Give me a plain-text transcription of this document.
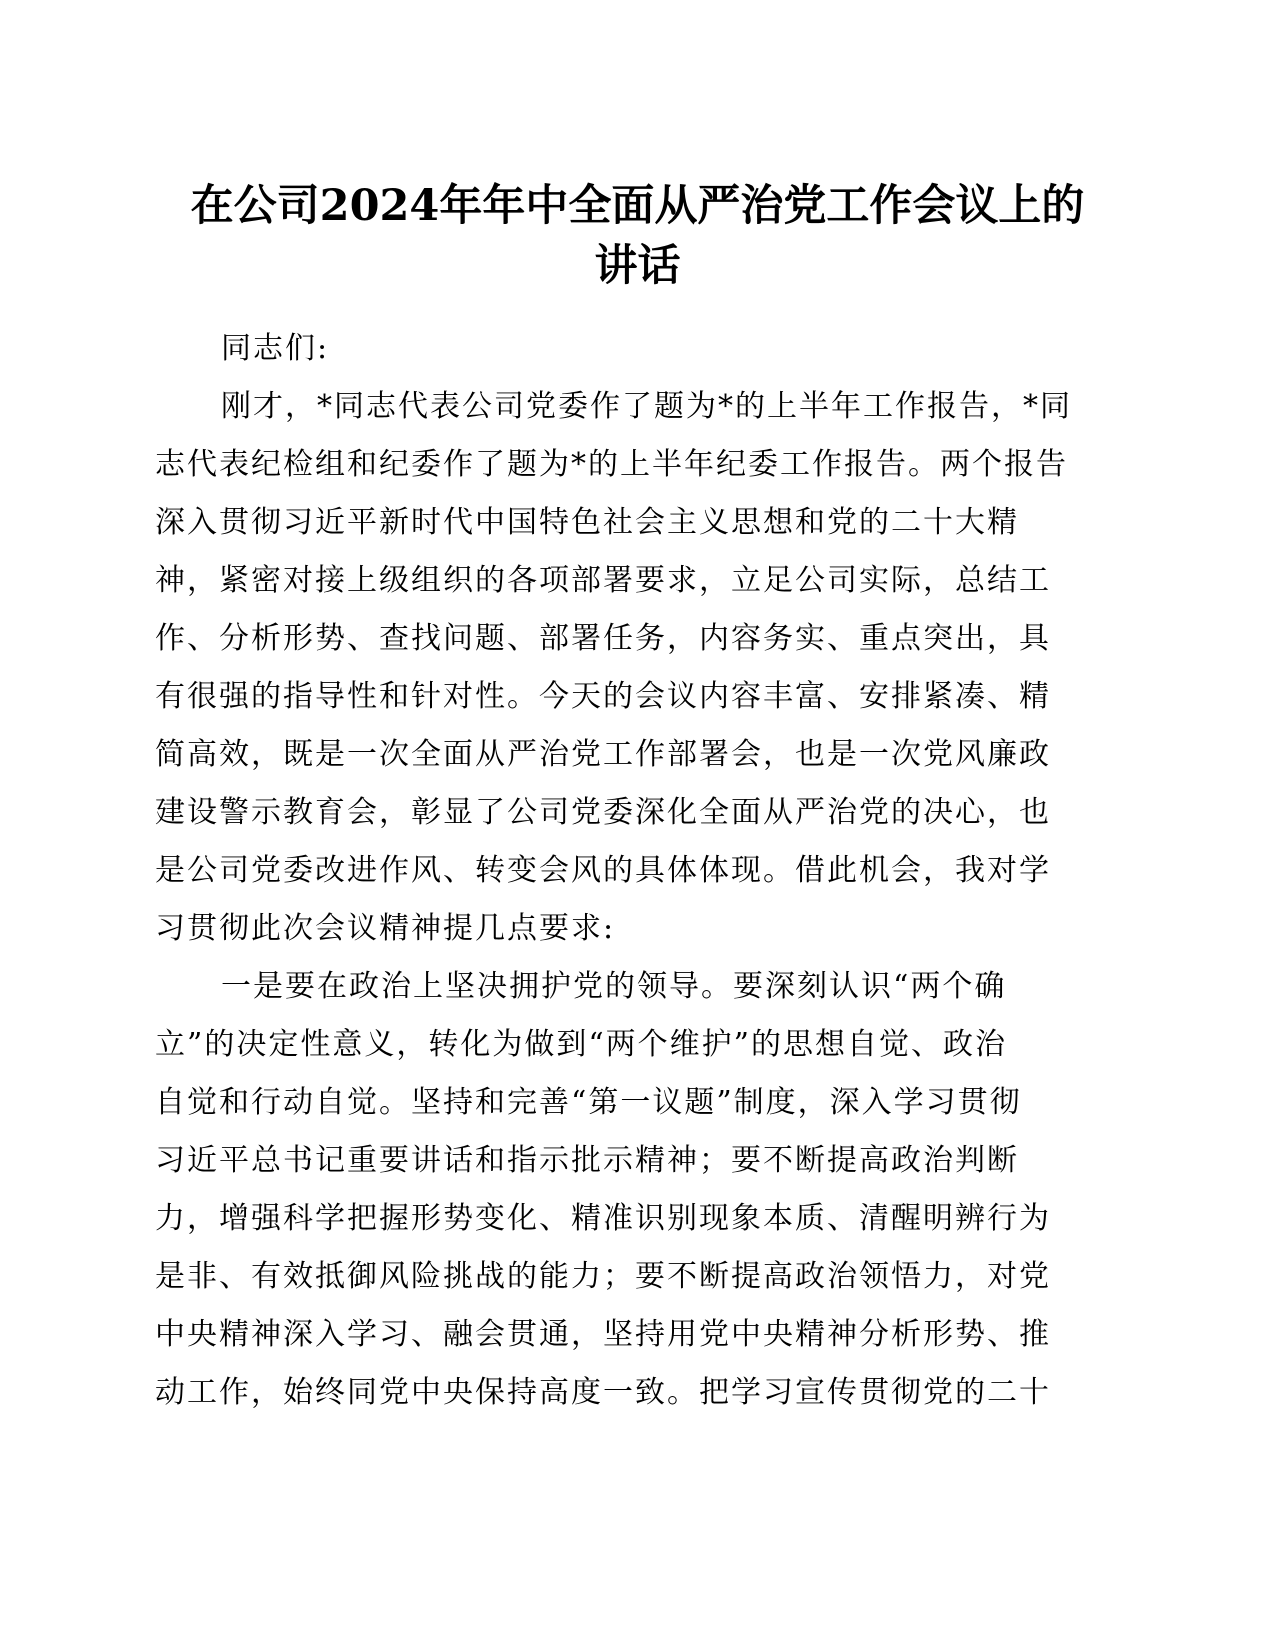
在公司2024年年中全面从严治党工作会议上的
讲话
同志们:
刚才，*同志代表公司党委作了题为*的上半年工作报告，*同
志代表纪检组和纪委作了题为*的上半年纪委工作报告。两个报告
深入贯彻习近平新时代中国特色社会主义思想和党的二十大精
神，紧密对接上级组织的各项部署要求，立足公司实际，总结工
作、分析形势、查找问题、部署任务，内容务实、重点突出，具
有很强的指导性和针对性。今天的会议内容丰富、安排紧凑、精
简高效，既是一次全面从严治党工作部署会，也是一次党风廉政
建设警示教育会，彰显了公司党委深化全面从严治党的决心，也
是公司党委改进作风、转变会风的具体体现。借此机会，我对学
习贯彻此次会议精神提几点要求:
一是要在政治上坚决拥护党的领导。要深刻认识“两个确
立”的决定性意义，转化为做到“两个维护”的思想自觉、政治
自觉和行动自觉。坚持和完善“第一议题”制度，深入学习贯彻
习近平总书记重要讲话和指示批示精神；要不断提高政治判断
力，增强科学把握形势变化、精准识别现象本质、清醒明辨行为
是非、有效抵御风险挑战的能力；要不断提高政治领悟力，对党
中央精神深入学习、融会贯通，坚持用党中央精神分析形势、推
动工作，始终同党中央保持高度一致。把学习宣传贯彻党的二十
